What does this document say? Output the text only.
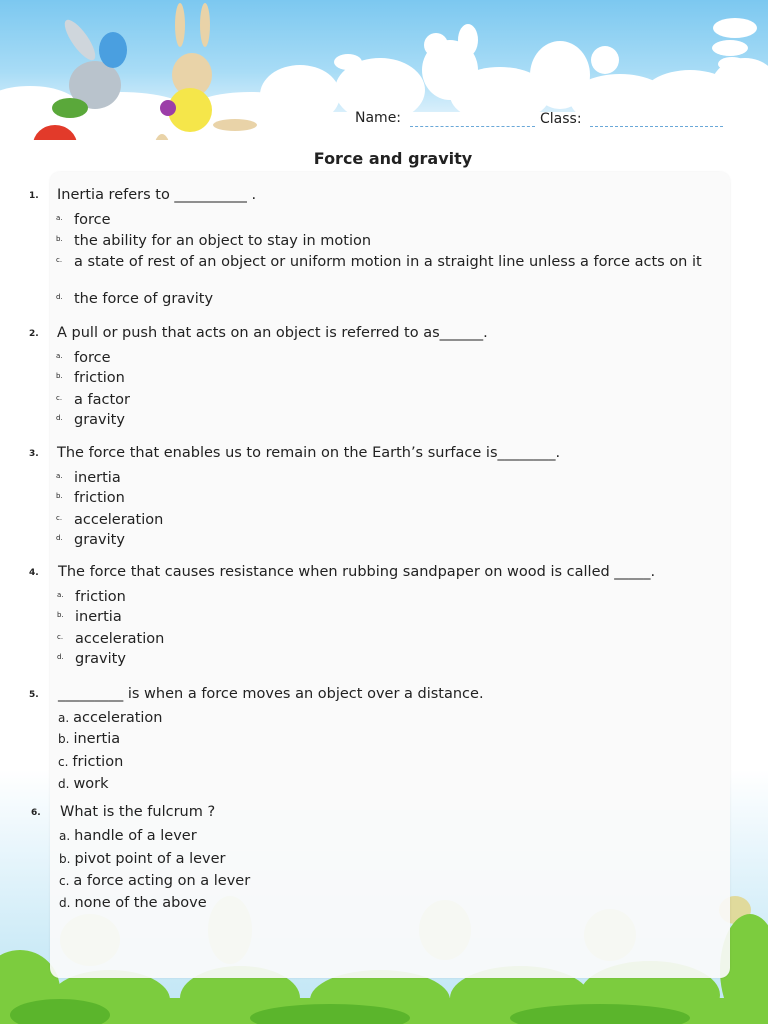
Name:	Class:
Force and gravity
1. Inertia refers to __________ .
a. force
b. the ability for an object to stay in motion
c. a state of rest of an object or uniform motion in a straight line unless a force acts on it
d. the force of gravity
2. A pull or push that acts on an object is referred to as______.
a. force
b. friction
c. a factor
d. gravity
3. The force that enables us to remain on the Earth’s surface is________.
a. inertia
b. friction
c. acceleration
d. gravity
4. The force that causes resistance when rubbing sandpaper on wood is called _____.
a. friction
b. inertia
c. acceleration
d. gravity
5. _________ is when a force moves an object over a distance.
a. acceleration
b. inertia
c. friction
d. work
6. What is the fulcrum ?
a. handle of a lever
b. pivot point of a lever
c. a force acting on a lever
d. none of the above
